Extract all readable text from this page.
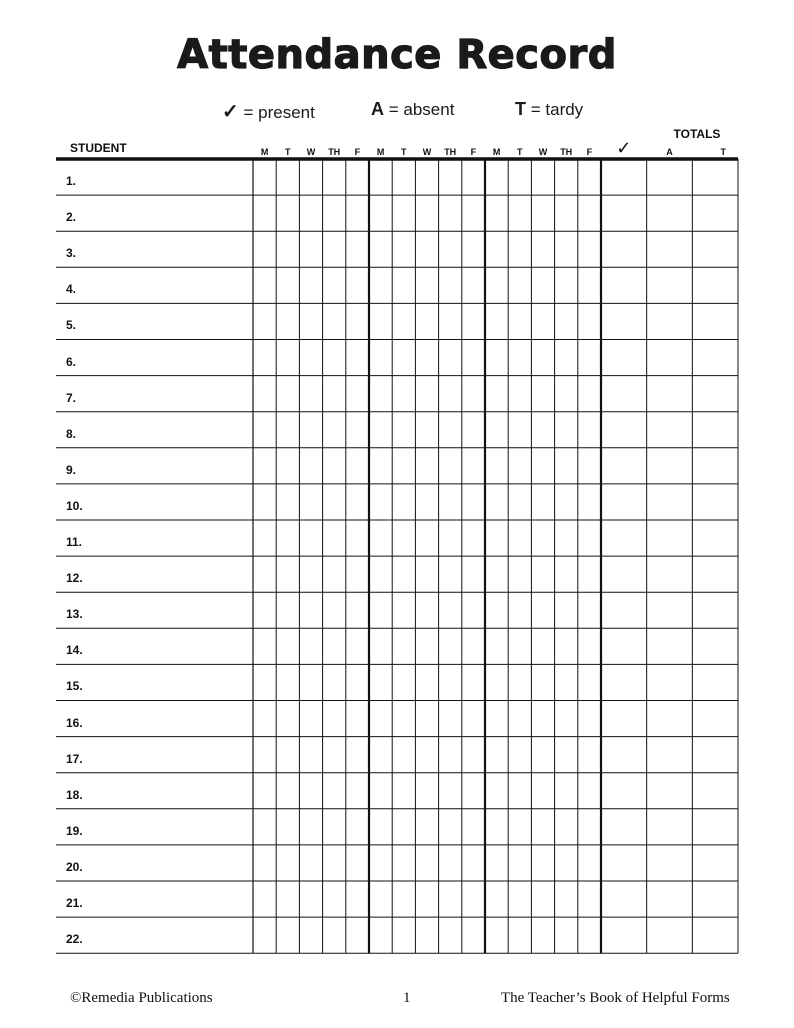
Attendance Record
✓ = present	A = absent	T = tardy
STUDENT
TOTALS
M	T	W	TH	F	M	T	W	TH	F	M	T	W	TH	F	✓	A	T
1.
2.
3.
4.
5.
6.
7.
8.
9.
10.
11.
12.
13.
14.
15.
16.
17.
18.
19.
20.
21.
22.
©Remedia Publications	1	The Teacher’s Book of Helpful Forms
